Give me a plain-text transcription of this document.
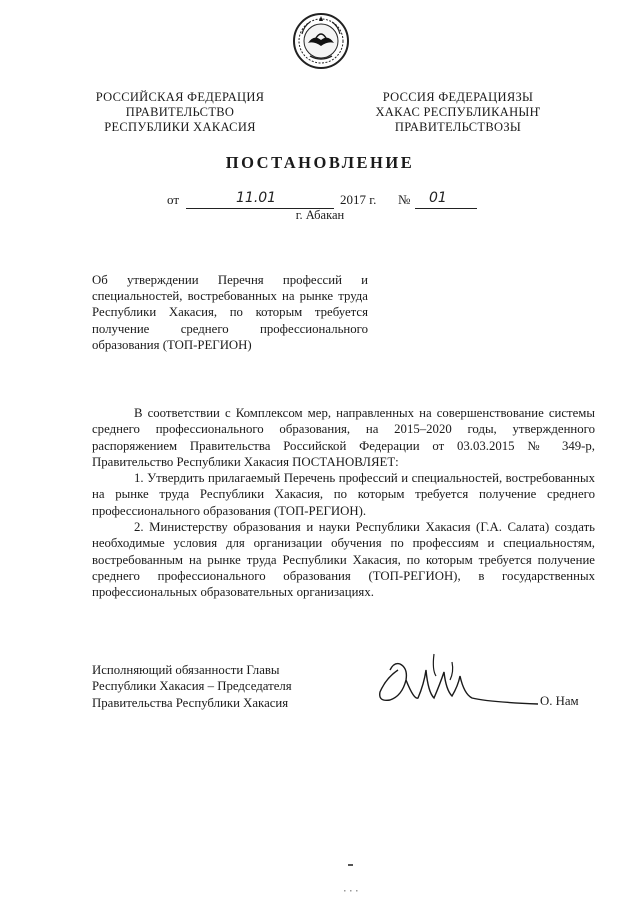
РОССИЙСКАЯ ФЕДЕРАЦИЯ
ПРАВИТЕЛЬСТВО
РЕСПУБЛИКИ ХАКАСИЯ
РОССИЯ ФЕДЕРАЦИЯЗЫ
ХАКАС РЕСПУБЛИКАНЫҤ
ПРАВИТЕЛЬСТВОЗЫ
ПОСТАНОВЛЕНИЕ
от	11.01	2017 г. № 01
г. Абакан
Об утверждении Перечня профессий и специальностей, востребованных на рынке труда Республики Хакасия, по которым требуется получение среднего профессионального образования (ТОП-РЕГИОН)

В соответствии с Комплексом мер, направленных на совершенствование системы среднего профессионального образования, на 2015–2020 годы, утвержденного распоряжением Правительства Российской Федерации от 03.03.2015 № 349-р, Правительство Республики Хакасия ПОСТАНОВЛЯЕТ:

1. Утвердить прилагаемый Перечень профессий и специальностей, востребованных на рынке труда Республики Хакасия, по которым требуется получение среднего профессионального образования (ТОП-РЕГИОН).

2. Министерству образования и науки Республики Хакасия (Г.А. Салата) создать необходимые условия для организации обучения по профессиям и специальностям, востребованным на рынке труда Республики Хакасия, по которым требуется получение среднего профессионального образования (ТОП-РЕГИОН), в государственных профессиональных образовательных организациях.

Исполняющий обязанности Главы
Республики Хакасия – Председателя
Правительства Республики Хакасия	О. Нам
